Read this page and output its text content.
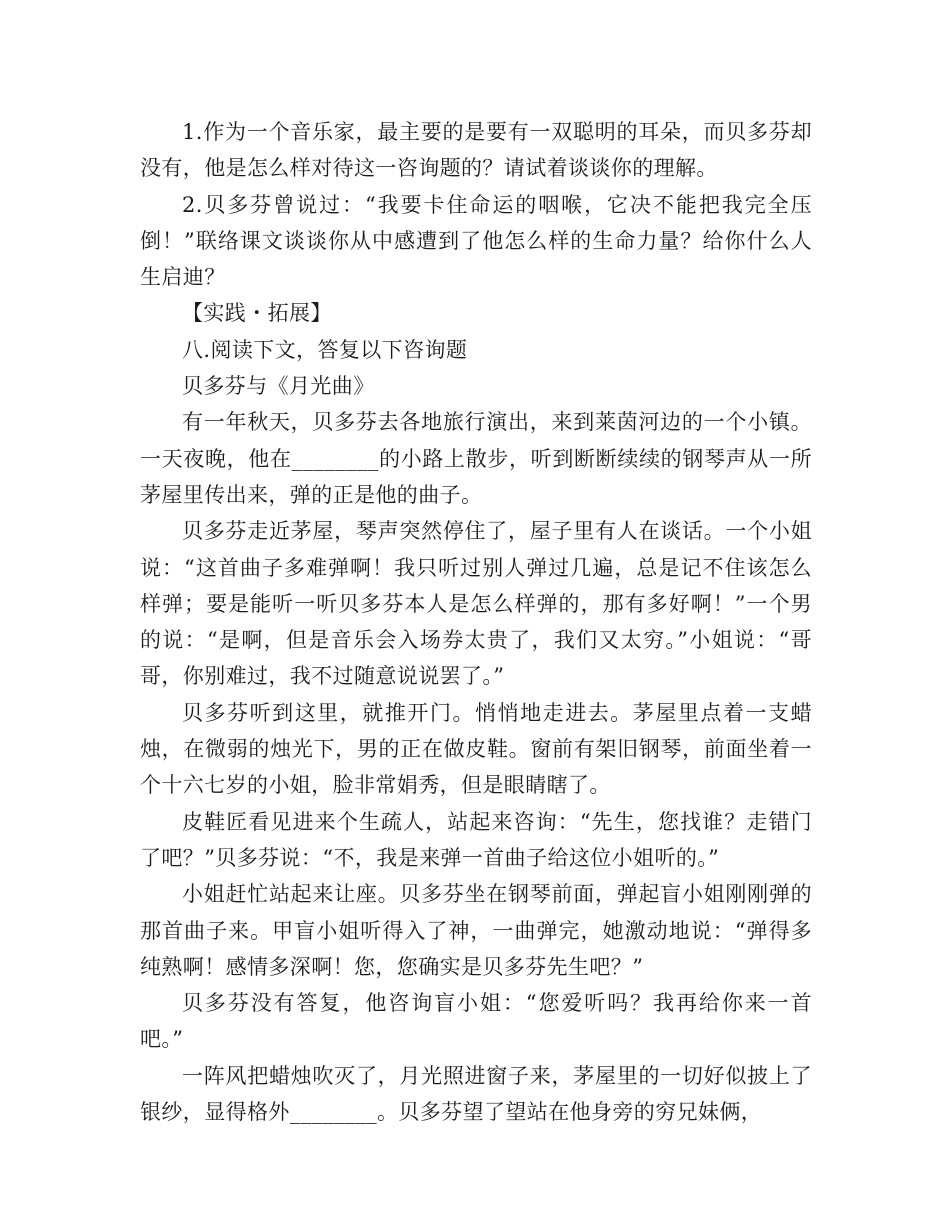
1.作为一个音乐家，最主要的是要有一双聪明的耳朵，而贝多芬却没有，他是怎么样对待这一咨询题的？请试着谈谈你的理解。

2.贝多芬曾说过：“我要卡住命运的咽喉，它决不能把我完全压倒！”联络课文谈谈你从中感遭到了他怎么样的生命力量？给你什么人生启迪？

【实践・拓展】

八.阅读下文，答复以下咨询题

贝多芬与《月光曲》

有一年秋天，贝多芬去各地旅行演出，来到莱茵河边的一个小镇。一天夜晚，他在________的小路上散步，听到断断续续的钢琴声从一所茅屋里传出来，弹的正是他的曲子。

贝多芬走近茅屋，琴声突然停住了，屋子里有人在谈话。一个小姐说：“这首曲子多难弹啊！我只听过别人弹过几遍，总是记不住该怎么样弹；要是能听一听贝多芬本人是怎么样弹的，那有多好啊！”一个男的说：“是啊，但是音乐会入场券太贵了，我们又太穷。”小姐说：“哥哥，你别难过，我不过随意说说罢了。”

贝多芬听到这里，就推开门。悄悄地走进去。茅屋里点着一支蜡烛，在微弱的烛光下，男的正在做皮鞋。窗前有架旧钢琴，前面坐着一个十六七岁的小姐，脸非常娟秀，但是眼睛瞎了。

皮鞋匠看见进来个生疏人，站起来咨询：“先生，您找谁？走错门了吧？”贝多芬说：“不，我是来弹一首曲子给这位小姐听的。”

小姐赶忙站起来让座。贝多芬坐在钢琴前面，弹起盲小姐刚刚弹的那首曲子来。甲盲小姐听得入了神，一曲弹完，她激动地说：“弹得多纯熟啊！感情多深啊！您，您确实是贝多芬先生吧？”

贝多芬没有答复，他咨询盲小姐：“您爱听吗？我再给你来一首吧。”

一阵风把蜡烛吹灭了，月光照进窗子来，茅屋里的一切好似披上了银纱，显得格外________。贝多芬望了望站在他身旁的穷兄妹俩，
